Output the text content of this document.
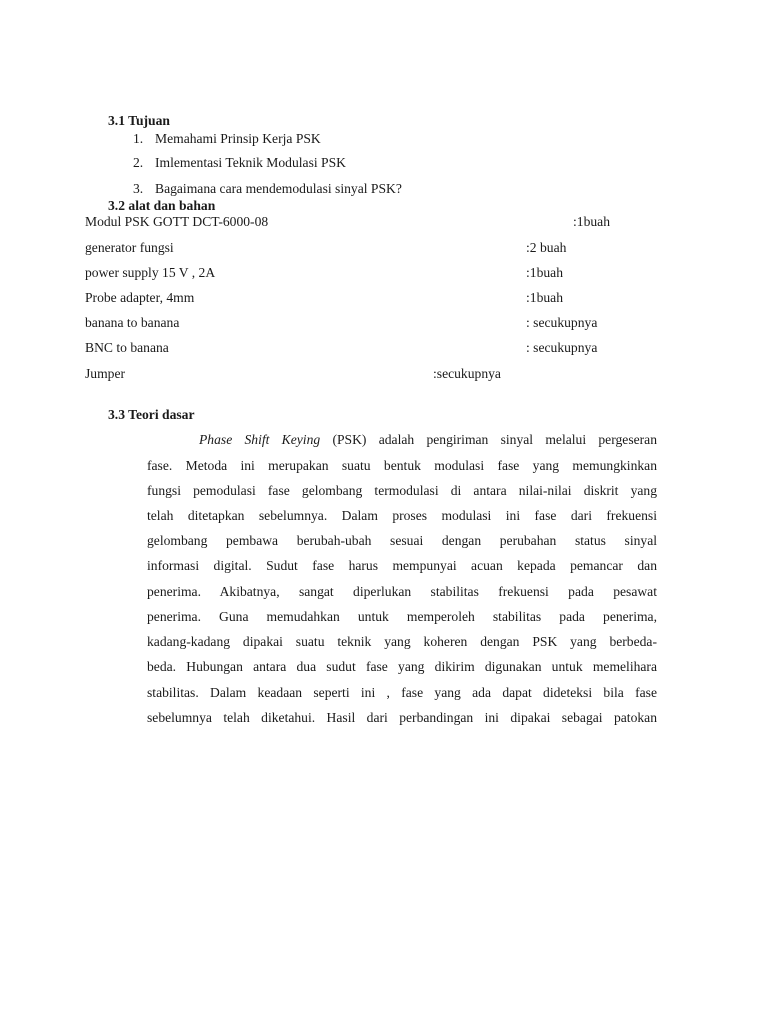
3.1 Tujuan
1. Memahami Prinsip Kerja PSK
2. Imlementasi Teknik Modulasi PSK
3. Bagaimana cara mendemodulasi sinyal PSK?
3.2 alat dan bahan
Modul PSK GOTT DCT-6000-08	:1buah
generator fungsi	:2 buah
power supply 15 V , 2A	:1buah
Probe adapter, 4mm	:1buah
banana to banana	: secukupnya
BNC to banana	: secukupnya
Jumper	:secukupnya
3.3 Teori dasar
Phase Shift Keying (PSK) adalah pengiriman sinyal melalui pergeseran
fase. Metoda ini merupakan suatu bentuk modulasi fase yang memungkinkan
fungsi pemodulasi fase gelombang termodulasi di antara nilai-nilai diskrit yang
telah ditetapkan sebelumnya. Dalam proses modulasi ini fase dari frekuensi
gelombang pembawa berubah-ubah sesuai dengan perubahan status sinyal
informasi digital. Sudut fase harus mempunyai acuan kepada pemancar dan
penerima. Akibatnya, sangat diperlukan stabilitas frekuensi pada pesawat
penerima. Guna memudahkan untuk memperoleh stabilitas pada penerima,
kadang-kadang dipakai suatu teknik yang koheren dengan PSK yang berbeda-
beda. Hubungan antara dua sudut fase yang dikirim digunakan untuk memelihara
stabilitas. Dalam keadaan seperti ini , fase yang ada dapat dideteksi bila fase
sebelumnya telah diketahui. Hasil dari perbandingan ini dipakai sebagai patokan
